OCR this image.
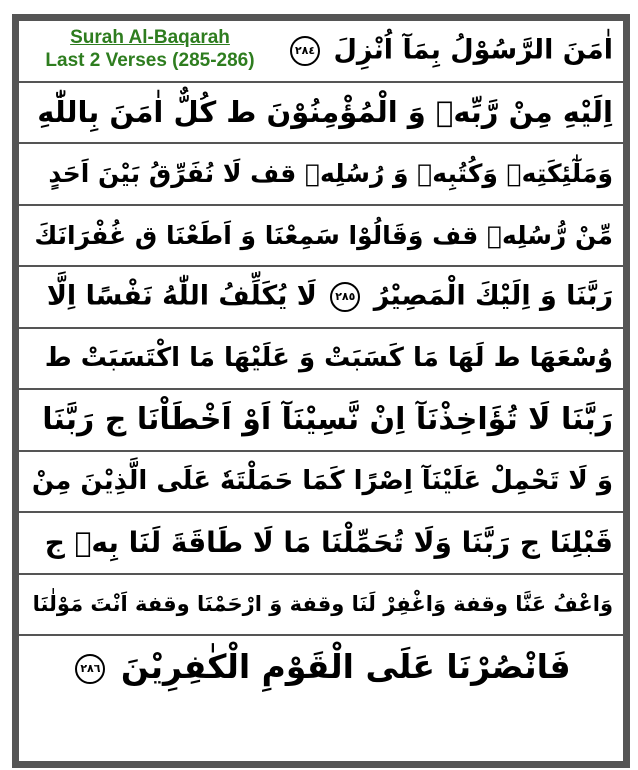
اٰمَنَ الرَّسُوْلُ بِمَآ اُنْزِلَ ٢٨٤
Surah Al-Baqarah
Last 2 Verses (285-286)
اِلَيْهِ مِنْ رَّبِّهٖ وَ الْمُؤْمِنُوْنَ ط كُلٌّ اٰمَنَ بِاللّٰهِ
وَمَلٰٓئِكَتِهٖ وَكُتُبِهٖ وَ رُسُلِهٖ قف لَا نُفَرِّقُ بَيْنَ اَحَدٍ
مِّنْ رُّسُلِهٖ قف وَقَالُوْا سَمِعْنَا وَ اَطَعْنَا ق غُفْرَانَكَ
رَبَّنَا وَ اِلَيْكَ الْمَصِيْرُ ٢٨٥ لَا يُكَلِّفُ اللّٰهُ نَفْسًا اِلَّا
وُسْعَهَا ط لَهَا مَا كَسَبَتْ وَ عَلَيْهَا مَا اكْتَسَبَتْ ط
رَبَّنَا لَا تُؤَاخِذْنَآ اِنْ نَّسِيْنَآ اَوْ اَخْطَاْنَا ج رَبَّنَا
وَ لَا تَحْمِلْ عَلَيْنَآ اِصْرًا كَمَا حَمَلْتَهٗ عَلَى الَّذِيْنَ مِنْ
قَبْلِنَا ج رَبَّنَا وَلَا تُحَمِّلْنَا مَا لَا طَاقَةَ لَنَا بِهٖ ج
وَاعْفُ عَنَّا وقفة وَاغْفِرْ لَنَا وقفة وَ ارْحَمْنَا وقفة اَنْتَ مَوْلٰنَا
فَانْصُرْنَا عَلَى الْقَوْمِ الْكٰفِرِيْنَ ٢٨٦
